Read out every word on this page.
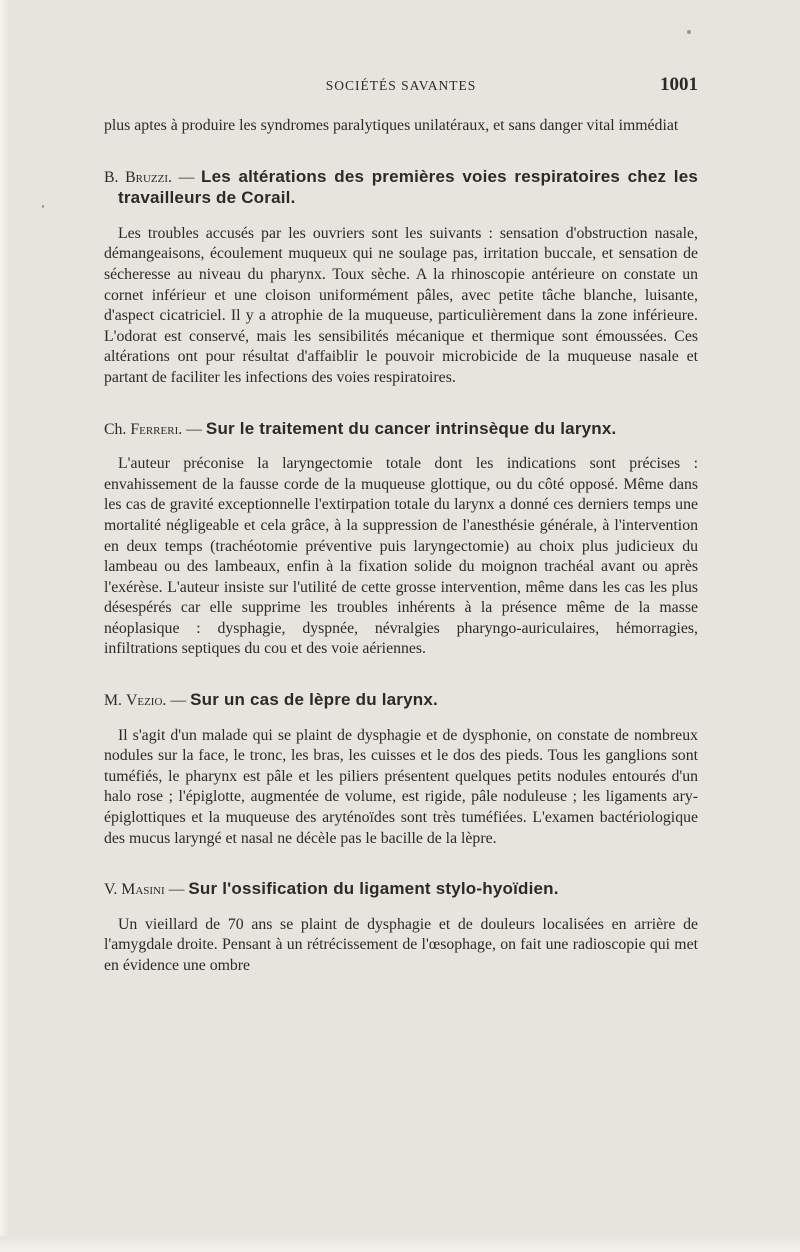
SOCIÉTÉS SAVANTES	1001

plus aptes à produire les syndromes paralytiques unilatéraux, et sans danger vital immédiat

B. Bruzzi. — Les altérations des premières voies respiratoires chez les travailleurs de Corail.

Les troubles accusés par les ouvriers sont les suivants : sensation d'obstruction nasale, démangeaisons, écoulement muqueux qui ne soulage pas, irritation buccale, et sensation de sécheresse au niveau du pharynx. Toux sèche. A la rhinoscopie antérieure on constate un cornet inférieur et une cloison uniformément pâles, avec petite tâche blanche, luisante, d'aspect cicatriciel. Il y a atrophie de la muqueuse, particulièrement dans la zone inférieure. L'odorat est conservé, mais les sensibilités mécanique et thermique sont émoussées. Ces altérations ont pour résultat d'affaiblir le pouvoir microbicide de la muqueuse nasale et partant de faciliter les infections des voies respiratoires.

Ch. Ferreri. — Sur le traitement du cancer intrinsèque du larynx.

L'auteur préconise la laryngectomie totale dont les indications sont précises : envahissement de la fausse corde de la muqueuse glottique, ou du côté opposé. Même dans les cas de gravité exceptionnelle l'extirpation totale du larynx a donné ces derniers temps une mortalité négligeable et cela grâce, à la suppression de l'anesthésie générale, à l'intervention en deux temps (trachéotomie préventive puis laryngectomie) au choix plus judicieux du lambeau ou des lambeaux, enfin à la fixation solide du moignon trachéal avant ou après l'exérèse. L'auteur insiste sur l'utilité de cette grosse intervention, même dans les cas les plus désespérés car elle supprime les troubles inhérents à la présence même de la masse néoplasique : dysphagie, dyspnée, névralgies pharyngo-auriculaires, hémorragies, infiltrations septiques du cou et des voie aériennes.

M. Vezio. — Sur un cas de lèpre du larynx.

Il s'agit d'un malade qui se plaint de dysphagie et de dysphonie, on constate de nombreux nodules sur la face, le tronc, les bras, les cuisses et le dos des pieds. Tous les ganglions sont tuméfiés, le pharynx est pâle et les piliers présentent quelques petits nodules entourés d'un halo rose ; l'épiglotte, augmentée de volume, est rigide, pâle noduleuse ; les ligaments ary-épiglottiques et la muqueuse des aryténoïdes sont très tuméfiées. L'examen bactériologique des mucus laryngé et nasal ne décèle pas le bacille de la lèpre.

V. Masini — Sur l'ossification du ligament stylo-hyoïdien.

Un vieillard de 70 ans se plaint de dysphagie et de douleurs localisées en arrière de l'amygdale droite. Pensant à un rétrécissement de l'œsophage, on fait une radioscopie qui met en évidence une ombre
